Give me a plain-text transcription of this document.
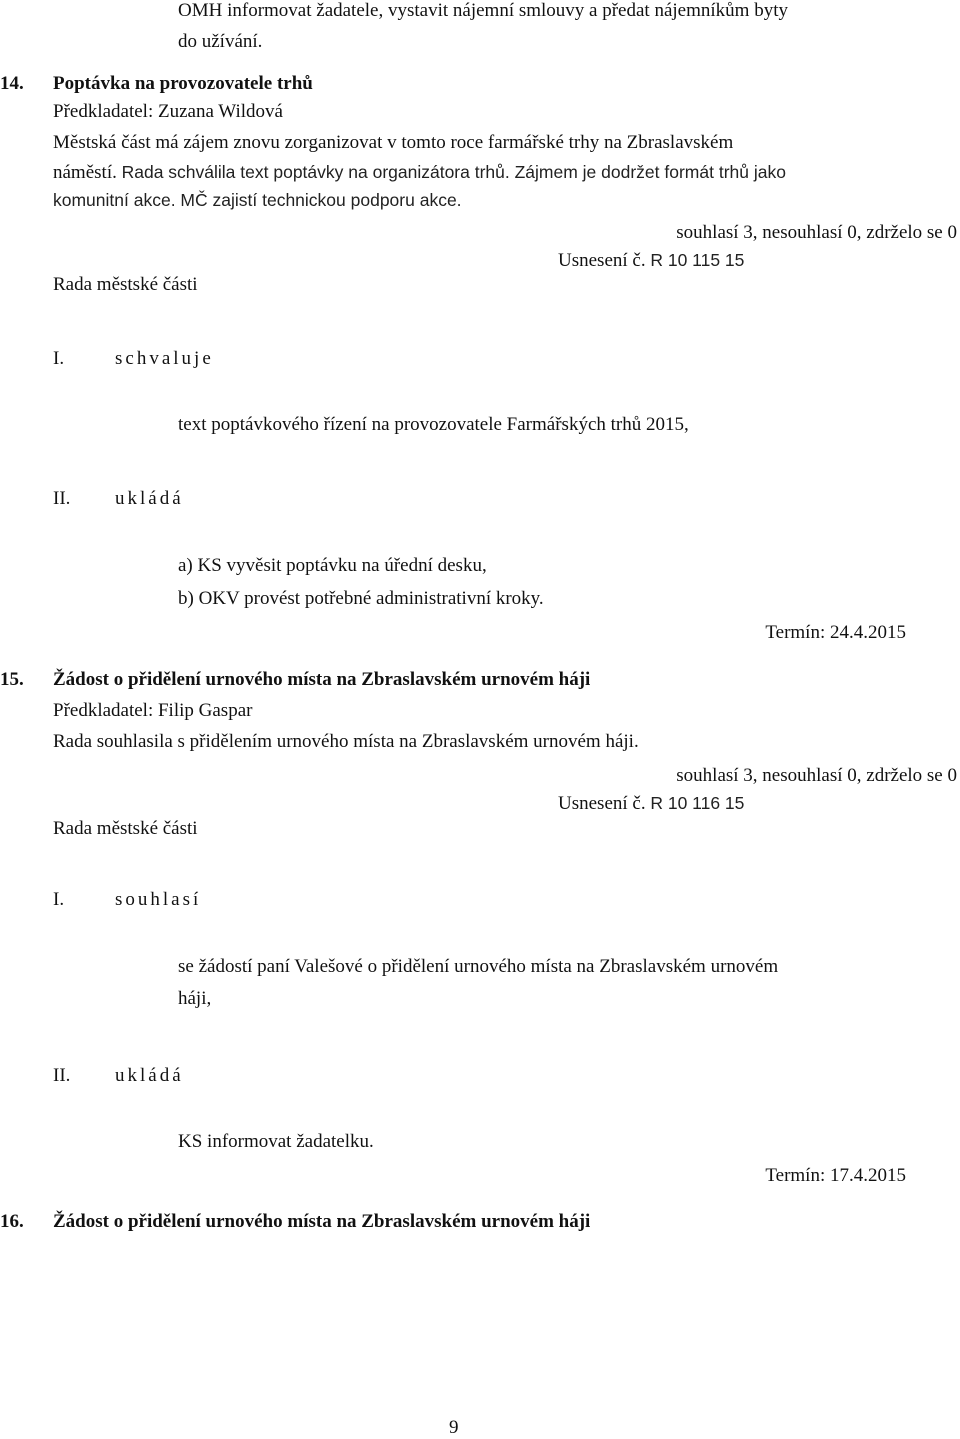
OMH informovat žadatele, vystavit nájemní smlouvy a předat nájemníkům byty
do užívání.
14. Poptávka na provozovatele trhů
Předkladatel: Zuzana Wildová
Městská část má zájem znovu zorganizovat v tomto roce farmářské trhy na Zbraslavském
náměstí. Rada schválila text poptávky na organizátora trhů. Zájmem je dodržet formát trhů jako
komunitní akce. MČ zajistí technickou podporu akce.
souhlasí 3, nesouhlasí 0, zdrželo se 0
Usnesení č. R 10 115 15
Rada městské části
I.	schvaluje
text poptávkového řízení na provozovatele Farmářských trhů 2015,
II. ukládá
a) KS vyvěsit poptávku na úřední desku,
b) OKV provést potřebné administrativní kroky.
Termín: 24.4.2015
15. Žádost o přidělení urnového místa na Zbraslavském urnovém háji
Předkladatel: Filip Gaspar
Rada souhlasila s přidělením urnového místa na Zbraslavském urnovém háji.
souhlasí 3, nesouhlasí 0, zdrželo se 0
Usnesení č. R 10 116 15
Rada městské části
I.	souhlasí
se žádostí paní Valešové o přidělení urnového místa na Zbraslavském urnovém
háji,
II. ukládá
KS informovat žadatelku.
Termín: 17.4.2015
16. Žádost o přidělení urnového místa na Zbraslavském urnovém háji
9
